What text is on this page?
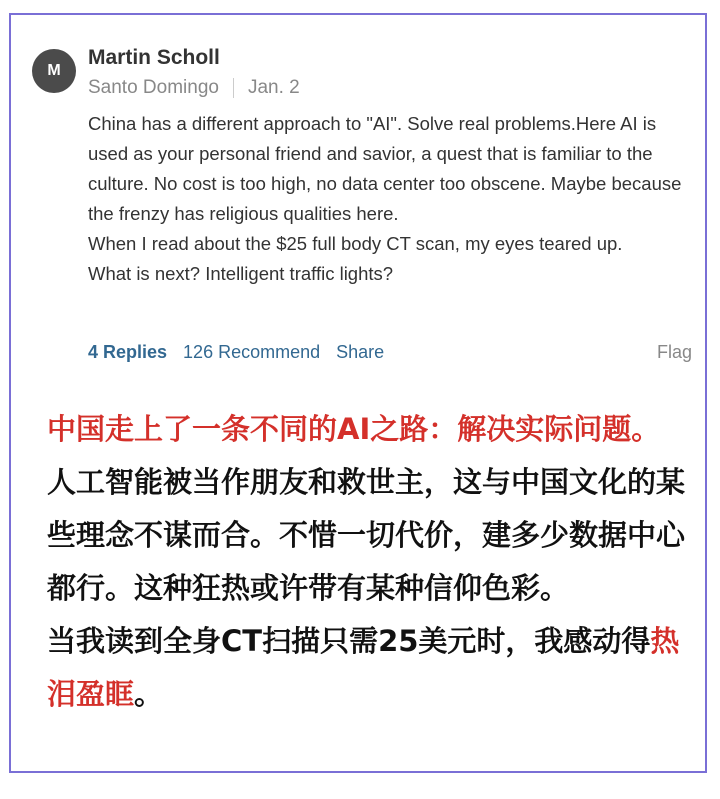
M
Martin Scholl
Santo Domingo Jan. 2

China has a different approach to "AI". Solve real problems.Here AI is used as your personal friend and savior, a quest that is familiar to the culture. No cost is too high, no data center too obscene. Maybe because the frenzy has religious qualities here.

When I read about the $25 full body CT scan, my eyes teared up.

What is next? Intelligent traffic lights?

4 Replies 126 Recommend Share	Flag
中国走上了一条不同的AI之路：解决实际问题。人工智能被当作朋友和救世主，这与中国文化的某些理念不谋而合。不惜一切代价，建多少数据中心都行。这种狂热或许带有某种信仰色彩。
当我读到全身CT扫描只需25美元时，我感动得热泪盈眶。
